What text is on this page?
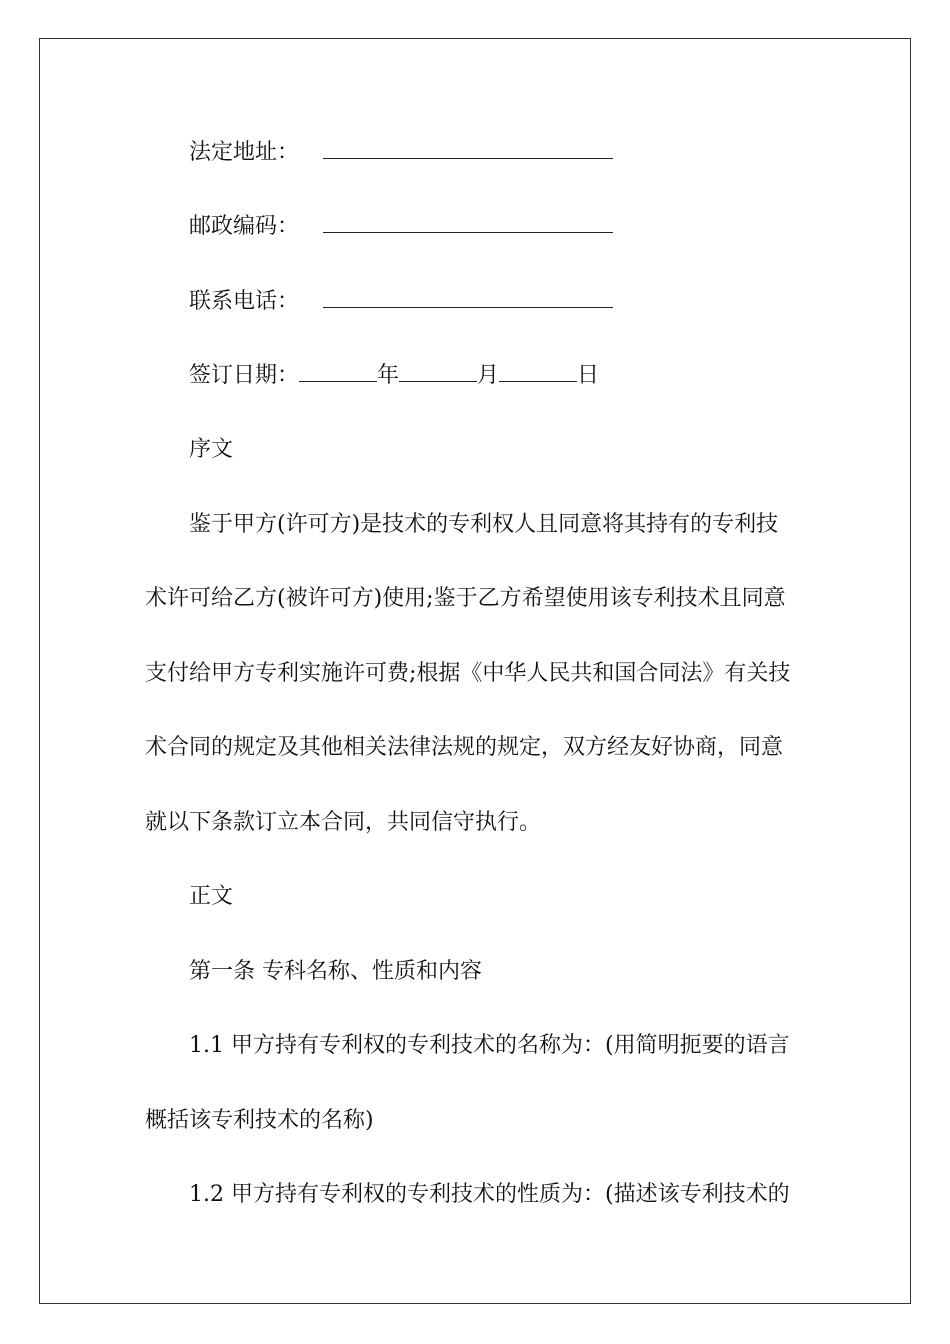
法定地址：
邮政编码：
联系电话：
签订日期：	年	月	日
序文
鉴于甲方(许可方)是技术的专利权人且同意将其持有的专利技
术许可给乙方(被许可方)使用;鉴于乙方希望使用该专利技术且同意
支付给甲方专利实施许可费;根据《中华人民共和国合同法》有关技
术合同的规定及其他相关法律法规的规定，双方经友好协商，同意
就以下条款订立本合同，共同信守执行。
正文
第一条 专科名称、性质和内容
1.1 甲方持有专利权的专利技术的名称为：(用简明扼要的语言
概括该专利技术的名称)
1.2 甲方持有专利权的专利技术的性质为：(描述该专利技术的
